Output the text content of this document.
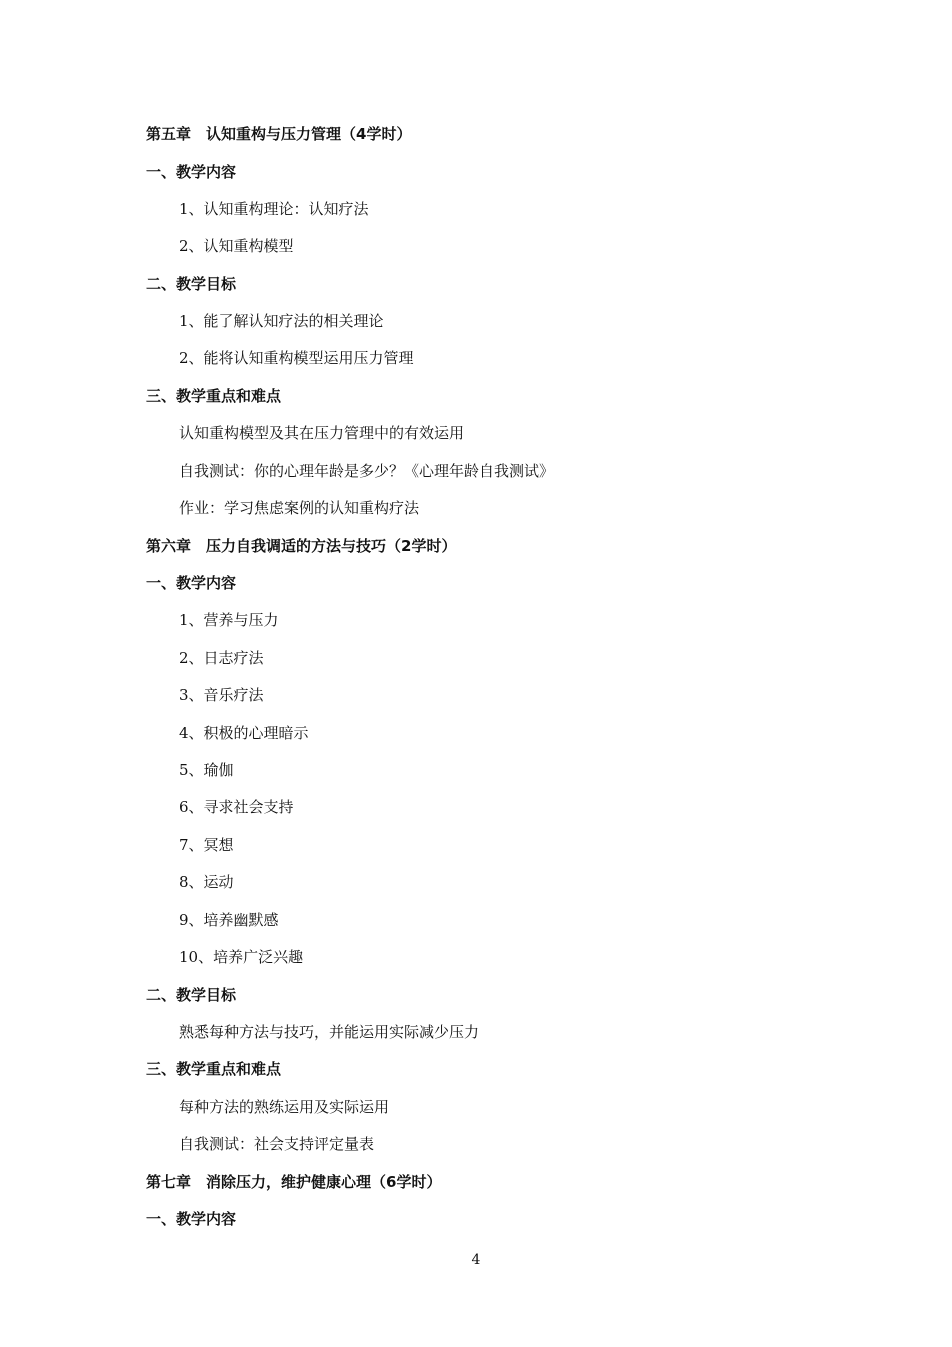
第五章　认知重构与压力管理（4学时）
一、教学内容
1、认知重构理论：认知疗法
2、认知重构模型
二、教学目标
1、能了解认知疗法的相关理论
2、能将认知重构模型运用压力管理
三、教学重点和难点
认知重构模型及其在压力管理中的有效运用
自我测试：你的心理年龄是多少？《心理年龄自我测试》
作业：学习焦虑案例的认知重构疗法
第六章　压力自我调适的方法与技巧（2学时）
一、教学内容
1、营养与压力
2、日志疗法
3、音乐疗法
4、积极的心理暗示
5、瑜伽
6、寻求社会支持
7、冥想
8、运动
9、培养幽默感
10、培养广泛兴趣
二、教学目标
熟悉每种方法与技巧，并能运用实际减少压力
三、教学重点和难点
每种方法的熟练运用及实际运用
自我测试：社会支持评定量表
第七章　消除压力，维护健康心理（6学时）
一、教学内容
4
